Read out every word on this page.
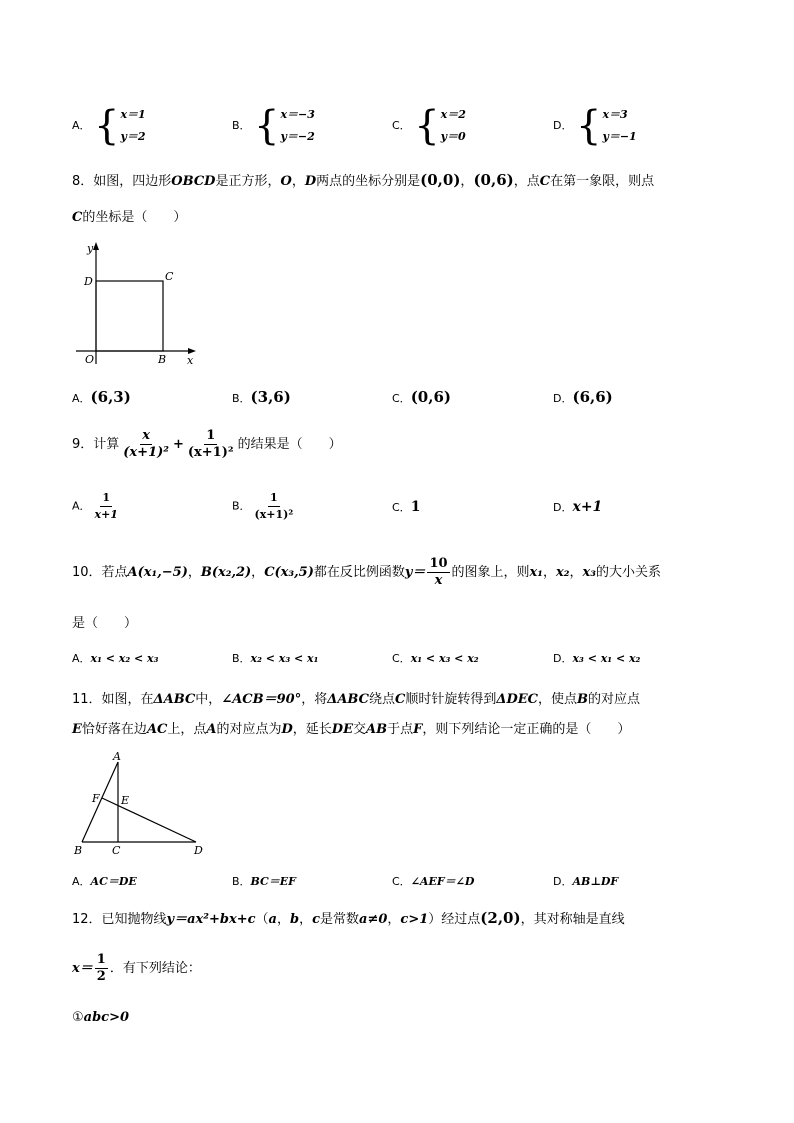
A． { x＝1
y＝2
B． { x＝−3
y＝−2
C． { x＝2
y＝0
D． { x＝3
y＝−1
8．如图，四边形OBCD是正方形，O，D两点的坐标分别是(0,0)，(0,6)，点C在第一象限，则点
C的坐标是（　　）
y
D	C
O	B x
A．(6,3)	B．(3,6)	C．(0,6)	D．(6,6)
9．计算 $\frac{x}{\text{(x+1)²}} + \frac{1}{\text{(x+1)²}}$ 的结果是（　　）
A． $\frac{1}{x+1}$	B． $\frac{1}{\text{(x+1)²}}$	C．1	D．x+1
10．若点A(x₁,−5)，B(x₂,2)，C(x₃,5)都在反比例函数$y= \frac{10}{x}$ 的图象上，则x₁，x₂，x₃的大小关系
是（　　）
A．x₁ < x₂ < x₃	B．x₂ < x₃ < x₁	C．x₁ < x₃ < x₂	D．x₃ < x₁ < x₂
11．如图，在ΔABC中，∠ACB＝90°，将ΔABC绕点C顺时针旋转得到ΔDEC，使点B的对应点
E恰好落在边AC上，点A的对应点为D，延长DE交AB于点F，则下列结论一定正确的是（　　）
A
F E
B	C	D
A．AC＝DE	B．BC＝EF	C．∠AEF＝∠D	D．AB⊥DF
12．已知抛物线y＝ax²+bx+c（a，b，c是常数a≠0，c>1）经过点(2,0)，其对称轴是直线
$x= \frac{1}{2}$ ．有下列结论：
①abc>0
